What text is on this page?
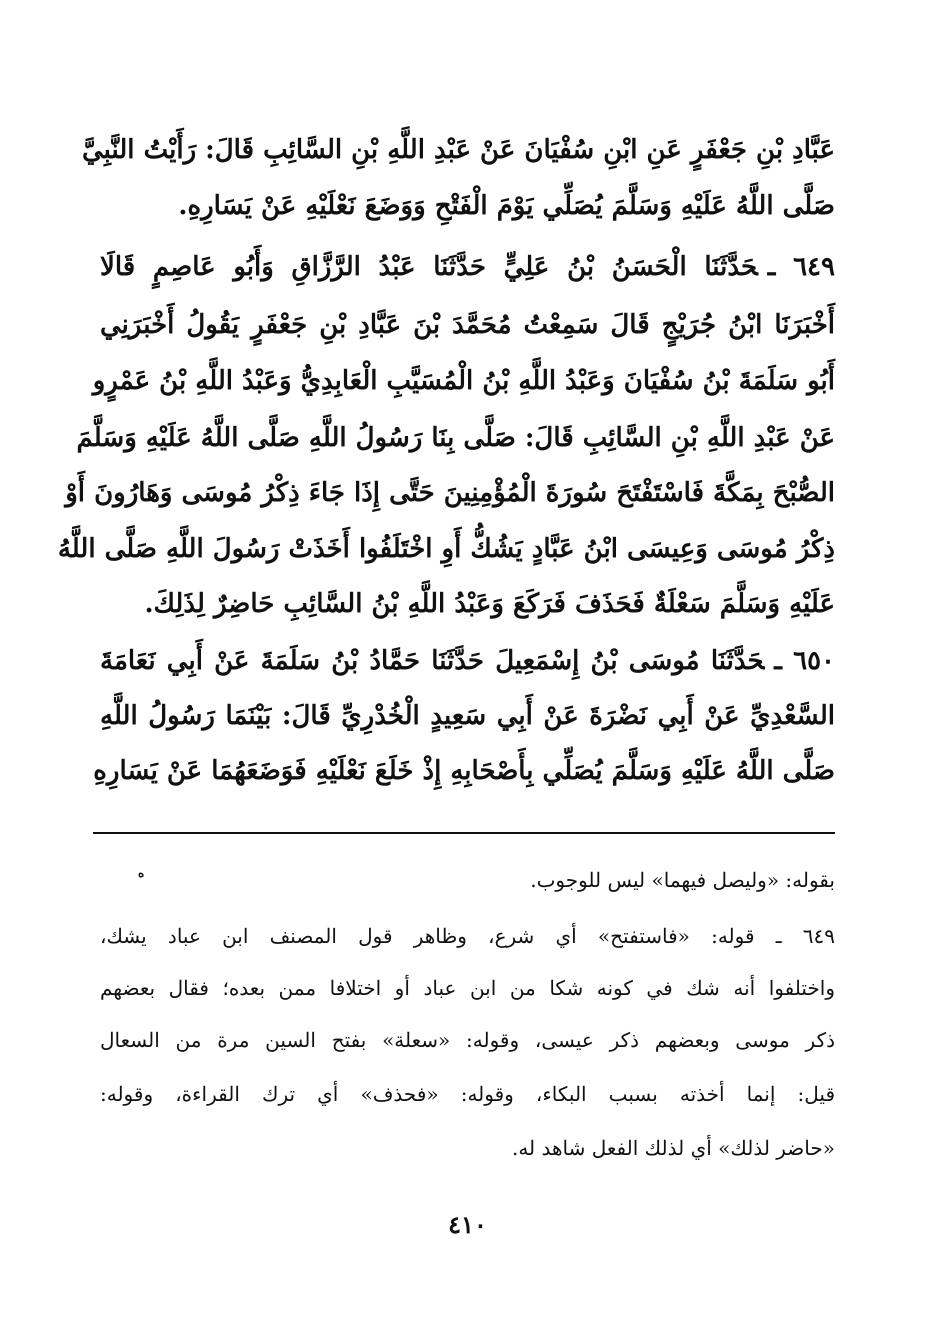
عَبَّادِ بْنِ جَعْفَرٍ عَنِ ابْنِ سُفْيَانَ عَنْ عَبْدِ اللَّهِ بْنِ السَّائِبِ قَالَ: رَأَيْتُ النَّبِيَّ
صَلَّى اللَّهُ عَلَيْهِ وَسَلَّمَ يُصَلِّي يَوْمَ الْفَتْحِ وَوَضَعَ نَعْلَيْهِ عَنْ يَسَارِهِ.
٦٤٩ ـحَدَّثَنَا الْحَسَنُ بْنُ عَلِيٍّ حَدَّثَنَا عَبْدُ الرَّزَّاقِ وَأَبُو عَاصِمٍ قَالَا
أَخْبَرَنَا ابْنُ جُرَيْجٍ قَالَ سَمِعْتُ مُحَمَّدَ بْنَ عَبَّادِ بْنِ جَعْفَرٍ يَقُولُ أَخْبَرَنِي
أَبُو سَلَمَةَ بْنُ سُفْيَانَ وَعَبْدُ اللَّهِ بْنُ الْمُسَيَّبِ الْعَابِدِيُّ وَعَبْدُ اللَّهِ بْنُ عَمْرٍو
عَنْ عَبْدِ اللَّهِ بْنِ السَّائِبِ قَالَ: صَلَّى بِنَا رَسُولُ اللَّهِ صَلَّى اللَّهُ عَلَيْهِ وَسَلَّمَ
الصُّبْحَ بِمَكَّةَ فَاسْتَفْتَحَ سُورَةَ الْمُؤْمِنِينَ حَتَّى إِذَا جَاءَ ذِكْرُ مُوسَى وَهَارُونَ أَوْ
ذِكْرُ مُوسَى وَعِيسَى ابْنُ عَبَّادٍ يَشُكُّ أَوِ اخْتَلَفُوا أَخَذَتْ رَسُولَ اللَّهِ صَلَّى اللَّهُ
عَلَيْهِ وَسَلَّمَ سَعْلَةٌ فَحَذَفَ فَرَكَعَ وَعَبْدُ اللَّهِ بْنُ السَّائِبِ حَاضِرٌ لِذَلِكَ.
٦٥٠ ـحَدَّثَنَا مُوسَى بْنُ إِسْمَعِيلَ حَدَّثَنَا حَمَّادُ بْنُ سَلَمَةَ عَنْ أَبِي نَعَامَةَ
السَّعْدِيِّ عَنْ أَبِي نَضْرَةَ عَنْ أَبِي سَعِيدٍ الْخُدْرِيِّ قَالَ: بَيْنَمَا رَسُولُ اللَّهِ
صَلَّى اللَّهُ عَلَيْهِ وَسَلَّمَ يُصَلِّي بِأَصْحَابِهِ إِذْ خَلَعَ نَعْلَيْهِ فَوَضَعَهُمَا عَنْ يَسَارِهِ
بقوله: «وليصل فيهما» ليس للوجوب.
٦٤٩ ـ قوله: «فاستفتح» أي شرع، وظاهر قول المصنف ابن عباد يشك،
واختلفوا أنه شك في كونه شكا من ابن عباد أو اختلافا ممن بعده؛ فقال بعضهم
ذكر موسى وبعضهم ذكر عيسى، وقوله: «سعلة» بفتح السين مرة من السعال
قيل: إنما أخذته بسبب البكاء، وقوله: «فحذف» أي ترك القراءة، وقوله:
«حاضر لذلك» أي لذلك الفعل شاهد له.
٤١٠
ه
